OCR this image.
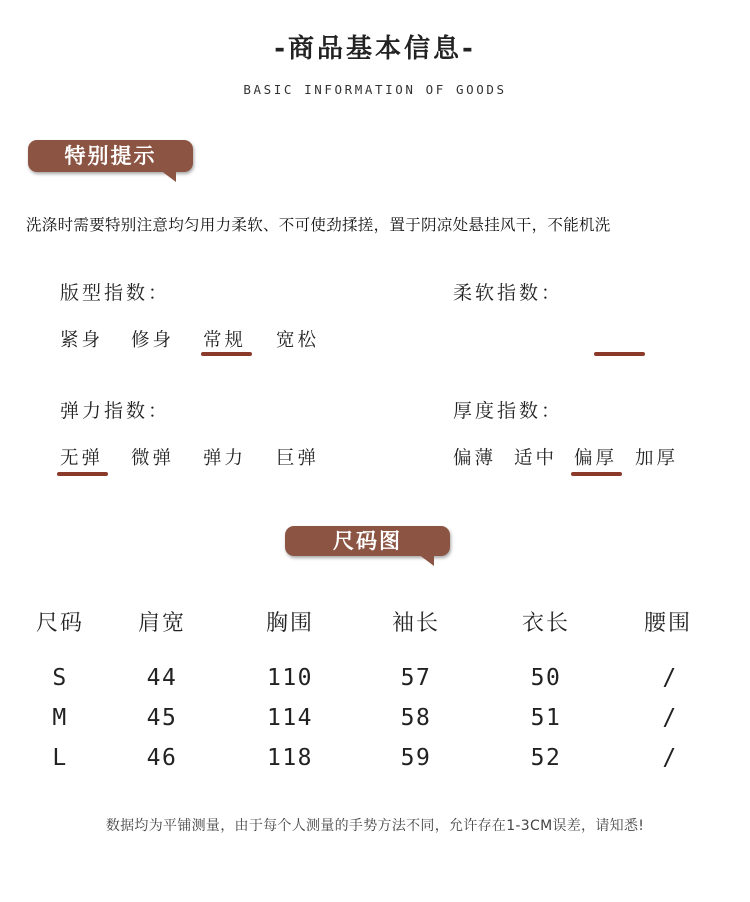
-商品基本信息-
BASIC INFORMATION OF GOODS
特别提示
洗涤时需要特别注意均匀用力柔软、不可使劲揉搓，置于阴凉处悬挂风干，不能机洗
版型指数：
紧身 修身 常规 宽松
柔软指数：
弹力指数：
无弹 微弹 弹力 巨弹
厚度指数：
偏薄 适中 偏厚 加厚
尺码图
尺码	肩宽	胸围	袖长	衣长	腰围
S	44	110	57	50	/
M	45	114	58	51	/
L	46	118	59	52	/
数据均为平铺测量，由于每个人测量的手势方法不同，允许存在1-3CM误差，请知悉!
